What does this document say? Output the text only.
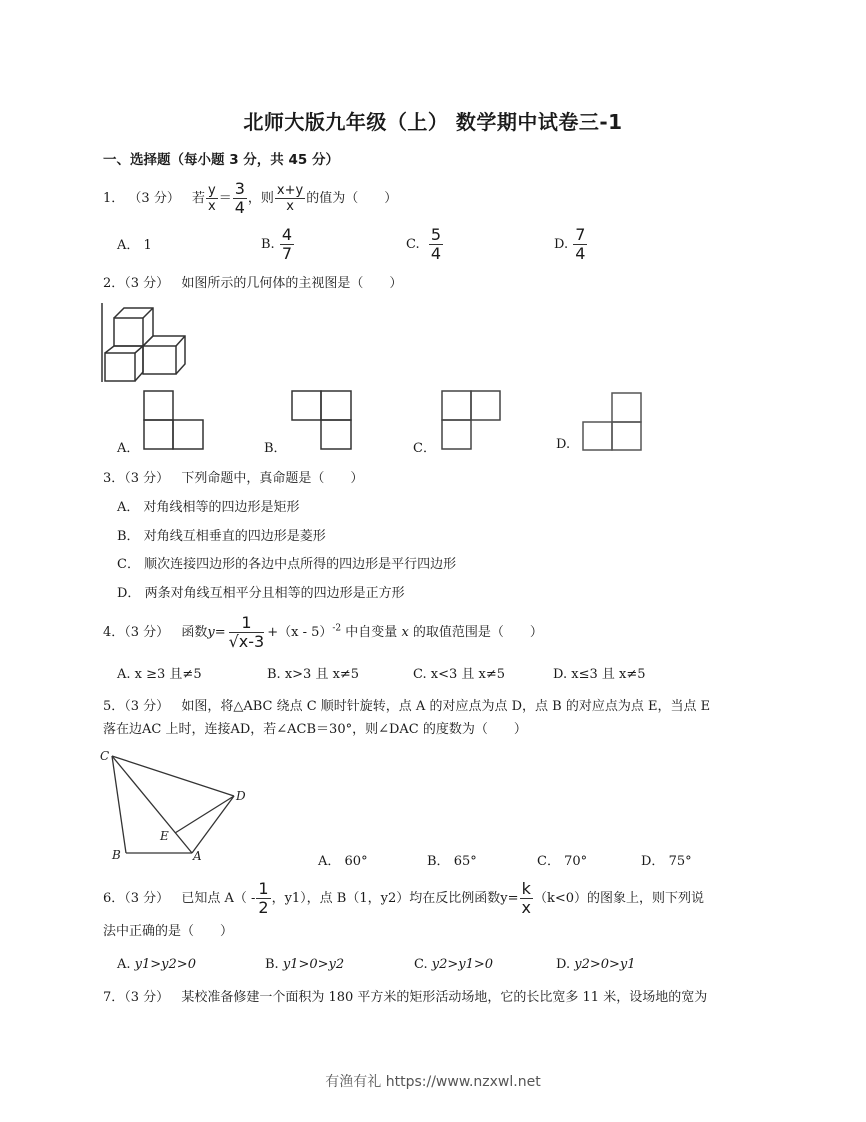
北师大版九年级（上） 数学期中试卷三-1
一、选择题（每小题 3 分，共 45 分）
1． （3 分） 若 $\frac{y}{x} = \frac{3}{4}$ ，则 $\frac{x+y}{x}$ 的值为（　　）
A． 1	B. $\frac{4}{7}$	C. $\frac{5}{4}$	D. $\frac{7}{4}$
2．（3 分） 如图所示的几何体的主视图是（　　）
A．	B．	C．	D.
3．（3 分） 下列命题中，真命题是（　　）
A． 对角线相等的四边形是矩形
B． 对角线互相垂直的四边形是菱形
C． 顺次连接四边形的各边中点所得的四边形是平行四边形
D． 两条对角线互相平分且相等的四边形是正方形
4．（3 分） 函数$y= \frac{1}{√x-3} +(x$ ‐ 5）$^{‐2}$ 中自变量 x 的取值范围是（　　）
A. x ≥3 且≠5	B. x>3 且 x≠5	C. x<3 且 x≠5	D. x≤3 且 x≠5
5．（3 分） 如图，将△ABC 绕点 C 顺时针旋转，点 A 的对应点为点 D，点 B 的对应点为点 E，当点 E
落在边AC 上时，连接AD，若∠ACB＝30°，则∠DAC 的度数为（　　）
C
D
E
B	A	A． 60°	B． 65°	C． 70°	D． 75°
6．（3 分） 已知点 A（ ‐ $\frac{1}{2}$ ，y1），点 B（1，y2）均在反比例函数$y= \frac{k}{x} (k<0)$的图象上，则下列说
法中正确的是（　　）
A. y1>y2>0	B. y1>0>y2	C. y2>y1>0	D. y2>0>y1
7．（3 分） 某校准备修建一个面积为 180 平方米的矩形活动场地，它的长比宽多 11 米，设场地的宽为
有渔有礼 https://www.nzxwl.net
